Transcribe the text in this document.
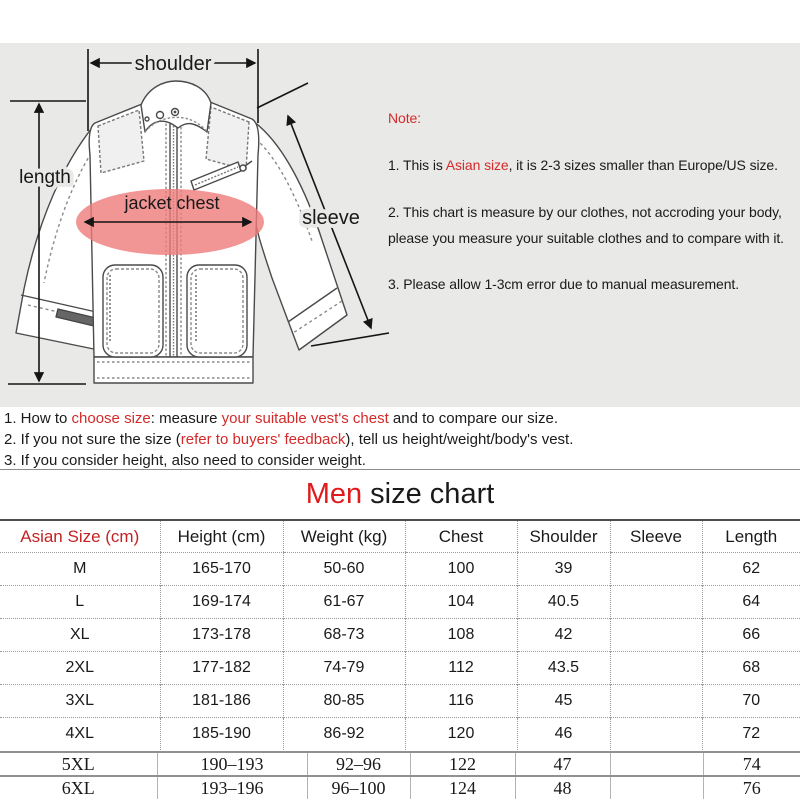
shoulder
length
jacket chest
sleeve

Note:

1. This is Asian size, it is 2-3 sizes smaller than Europe/US size.

2. This chart is measure by our clothes, not accroding your body,

please you measure your suitable clothes and to compare with it.

3. Please allow 1-3cm error due to manual measurement.

1. How to choose size: measure your suitable vest's chest and to compare our size.

2. If you not sure the size (refer to buyers' feedback), tell us height/weight/body's vest.

3. If you consider height, also need to consider weight.

Men size chart
Asian Size (cm)	Height (cm)	Weight (kg)	Chest	Shoulder	Sleeve	Length
M	165-170	50-60	100	39		62
L	169-174	61-67	104	40.5		64
XL	173-178	68-73	108	42		66
2XL	177-182	74-79	112	43.5		68
3XL	181-186	80-85	116	45		70
4XL	185-190	86-92	120	46		72
5XL	190–193	92–96	122	47		74
6XL	193–196	96–100	124	48		76
